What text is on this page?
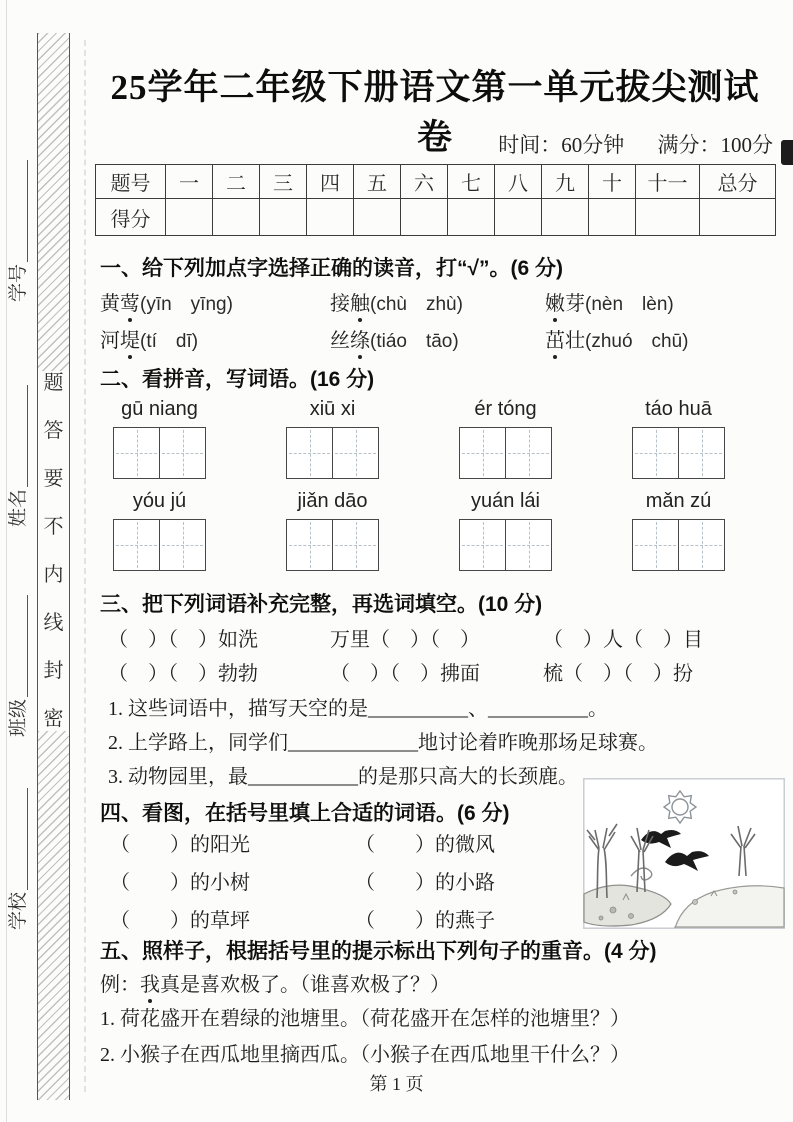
学号
姓名
班级
学校
题
答
要
不
内
线
封
密
25学年二年级下册语文第一单元拔尖测试卷	时间：60分钟 满分：100分
题号	一	二	三	四	五	六	七	八	九	十	十一	总分
得分												
一、给下列加点字选择正确的读音，打“√”。(6 分)
黄莺(yīn　yīng)	接触(chù　zhù)	嫩芽(nèn　lèn)
河堤(tí　dī)	丝绦(tiáo　tāo)	茁壮(zhuó　chū)
二、看拼音，写词语。(16 分)
gū niang	xiū xi	ér tóng	táo huā
yóu jú	jiǎn dāo	yuán lái	mǎn zú
三、把下列词语补充完整，再选词填空。(10 分)
（　）（　）如洗	万里（　）（　）	（　）人（　）目
（　）（　）勃勃	（　）（　）拂面	梳（　）（　）扮
1. 这些词语中，描写天空的是__________、__________。
2. 上学路上，同学们_____________地讨论着昨晚那场足球赛。
3. 动物园里，最___________的是那只高大的长颈鹿。
四、看图，在括号里填上合适的词语。(6 分)
（　　）的阳光	（　　）的微风
（　　）的小树	（　　）的小路
（　　）的草坪	（　　）的燕子
五、照样子，根据括号里的提示标出下列句子的重音。(4 分)
例：我真是喜欢极了。（谁喜欢极了？）
1. 荷花盛开在碧绿的池塘里。（荷花盛开在怎样的池塘里？）
2. 小猴子在西瓜地里摘西瓜。（小猴子在西瓜地里干什么？）
第 1 页
